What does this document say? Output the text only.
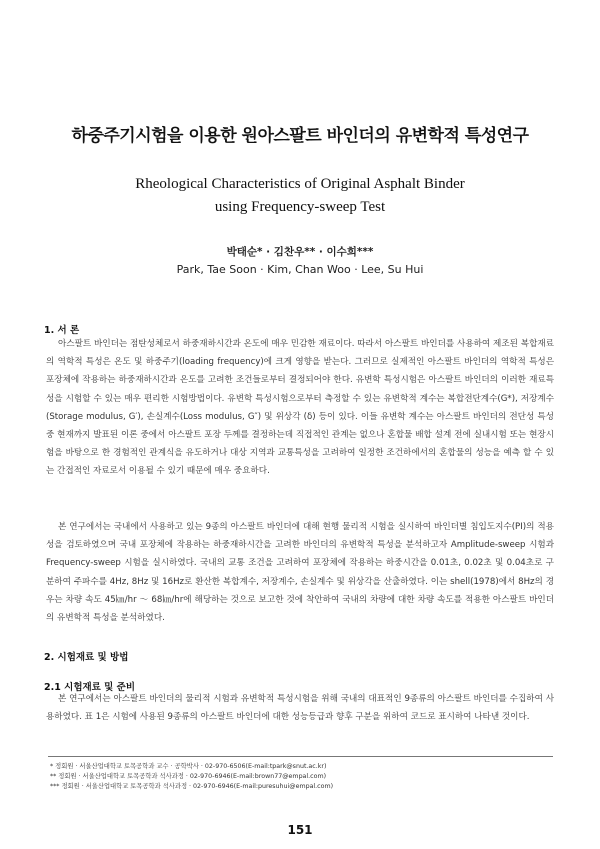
하중주기시험을 이용한 원아스팔트 바인더의 유변학적 특성연구
Rheological Characteristics of Original Asphalt Binder
using Frequency-sweep Test
박태순* · 김찬우** · 이수희***
Park, Tae Soon · Kim, Chan Woo · Lee, Su Hui
1. 서 론

아스팔트 바인더는 점탄성체로서 하중재하시간과 온도에 매우 민감한 재료이다. 따라서 아스팔트 바인더를 사용하여 제조된 복합재료의 역학적 특성은 온도 및 하중주기(loading frequency)에 크게 영향을 받는다. 그러므로 실제적인 아스팔트 바인더의 역학적 특성은 포장체에 작용하는 하중재하시간과 온도를 고려한 조건들로부터 결정되어야 한다. 유변학 특성시험은 아스팔트 바인더의 이러한 재료특성을 시험할 수 있는 매우 편리한 시험방법이다. 유변학 특성시험으로부터 측정할 수 있는 유변학적 계수는 복합전단계수(G*), 저장계수(Storage modulus, G′), 손실계수(Loss modulus, G″) 및 위상각 (δ) 등이 있다. 이들 유변학 계수는 아스팔트 바인더의 전단성 특성 중 현재까지 발표된 이론 중에서 아스팔트 포장 두께를 결정하는데 직접적인 관계는 없으나 혼합물 배합 설계 전에 실내시험 또는 현장시험을 바탕으로 한 경험적인 관계식을 유도하거나 대상 지역과 교통특성을 고려하여 일정한 조건하에서의 혼합물의 성능을 예측 할 수 있는 간접적인 자료로서 이용될 수 있기 때문에 매우 중요하다.

본 연구에서는 국내에서 사용하고 있는 9종의 아스팔트 바인더에 대해 현행 물리적 시험을 실시하여 바인더별 침입도지수(PI)의 적용성을 검토하였으며 국내 포장체에 작용하는 하중재하시간을 고려한 바인더의 유변학적 특성을 분석하고자 Amplitude-sweep 시험과 Frequency-sweep 시험을 실시하였다. 국내의 교통 조건을 고려하여 포장체에 작용하는 하중시간을 0.01초, 0.02초 및 0.04초로 구분하여 주파수를 4Hz, 8Hz 및 16Hz로 환산한 복합계수, 저장계수, 손실계수 및 위상각을 산출하였다. 이는 shell(1978)에서 8Hz의 경우는 차량 속도 45㎞/hr ～ 68㎞/hr에 해당하는 것으로 보고한 것에 착안하여 국내의 차량에 대한 차량 속도를 적용한 아스팔트 바인더의 유변학적 특성을 분석하였다.

2. 시험재료 및 방법
2.1 시험재료 및 준비

본 연구에서는 아스팔트 바인더의 물리적 시험과 유변학적 특성시험을 위해 국내의 대표적인 9종류의 아스팔트 바인더를 수집하여 사용하였다. 표 1은 시험에 사용된 9종류의 아스팔트 바인더에 대한 성능등급과 향후 구분을 위하여 코드로 표시하여 나타낸 것이다.

* 정회원 · 서울산업대학교 토목공학과 교수 · 공학박사 · 02-970-6506(E-mail:tpark@snut.ac.kr)
** 정회원 · 서울산업대학교 토목공학과 석사과정 · 02-970-6946(E-mail:brown77@empal.com)
*** 정회원 · 서울산업대학교 토목공학과 석사과정 · 02-970-6946(E-mail:puresuhui@empal.com)
151
